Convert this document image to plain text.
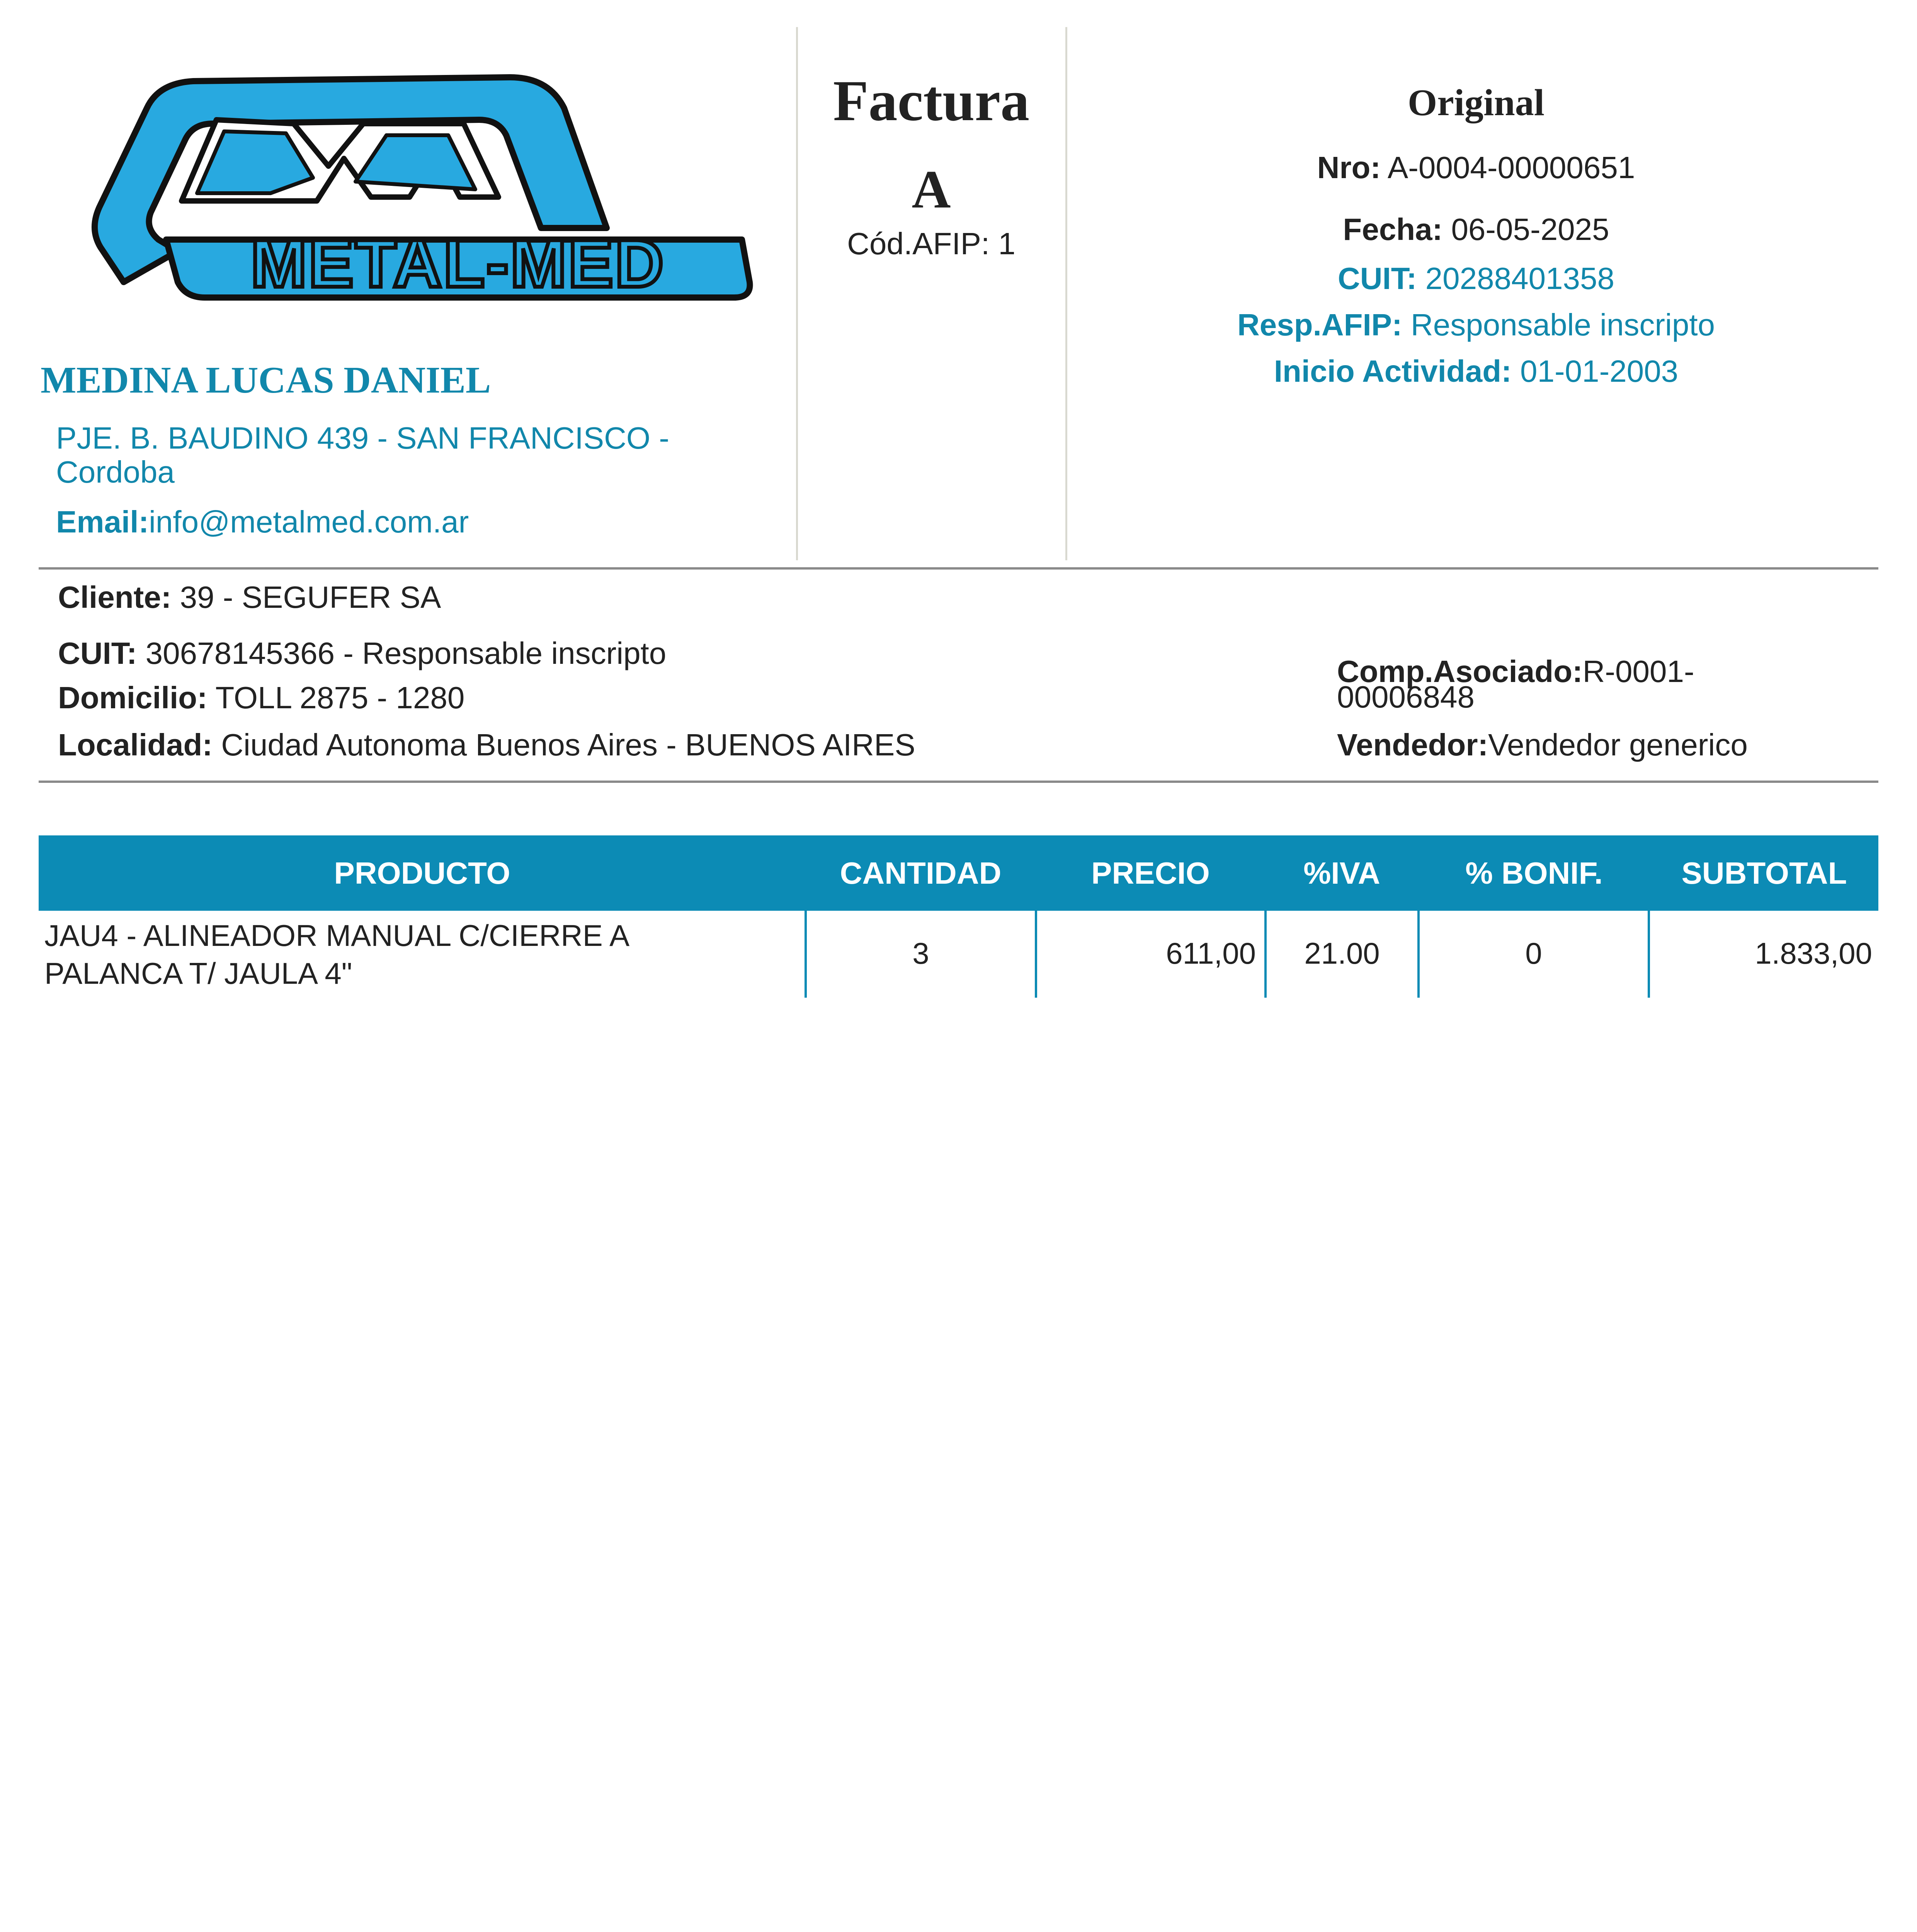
METAL-MED
MEDINA LUCAS DANIEL
PJE. B. BAUDINO 439 - SAN FRANCISCO -
Cordoba
Email:info@metalmed.com.ar
Factura
A
Cód.AFIP: 1
Original
Nro: A-0004-00000651
Fecha: 06-05-2025
CUIT: 20288401358
Resp.AFIP: Responsable inscripto
Inicio Actividad: 01-01-2003
Cliente: 39 - SEGUFER SA
CUIT: 30678145366 - Responsable inscripto
Domicilio: TOLL 2875 - 1280
Localidad: Ciudad Autonoma Buenos Aires - BUENOS AIRES
Comp.Asociado:R-0001-
00006848
Vendedor:Vendedor generico
PRODUCTO	CANTIDAD	PRECIO	%IVA	% BONIF.	SUBTOTAL
JAU4 - ALINEADOR MANUAL C/CIERRE A
PALANCA T/ JAULA 4"
3	611,00	21.00	0	1.833,00
